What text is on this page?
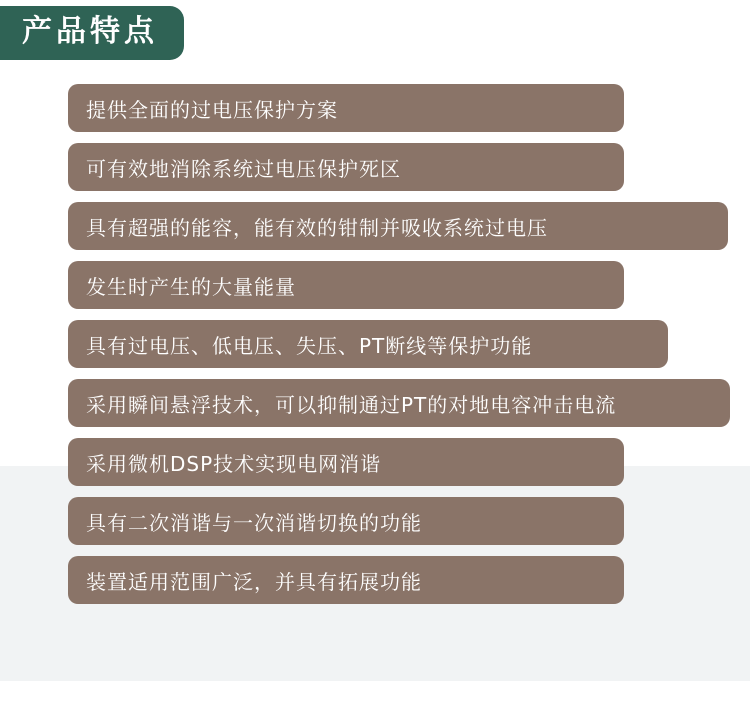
产品特点
提供全面的过电压保护方案
可有效地消除系统过电压保护死区
具有超强的能容，能有效的钳制并吸收系统过电压
发生时产生的大量能量
具有过电压、低电压、失压、PT断线等保护功能
采用瞬间悬浮技术，可以抑制通过PT的对地电容冲击电流
采用微机DSP技术实现电网消谐
具有二次消谐与一次消谐切换的功能
装置适用范围广泛，并具有拓展功能
